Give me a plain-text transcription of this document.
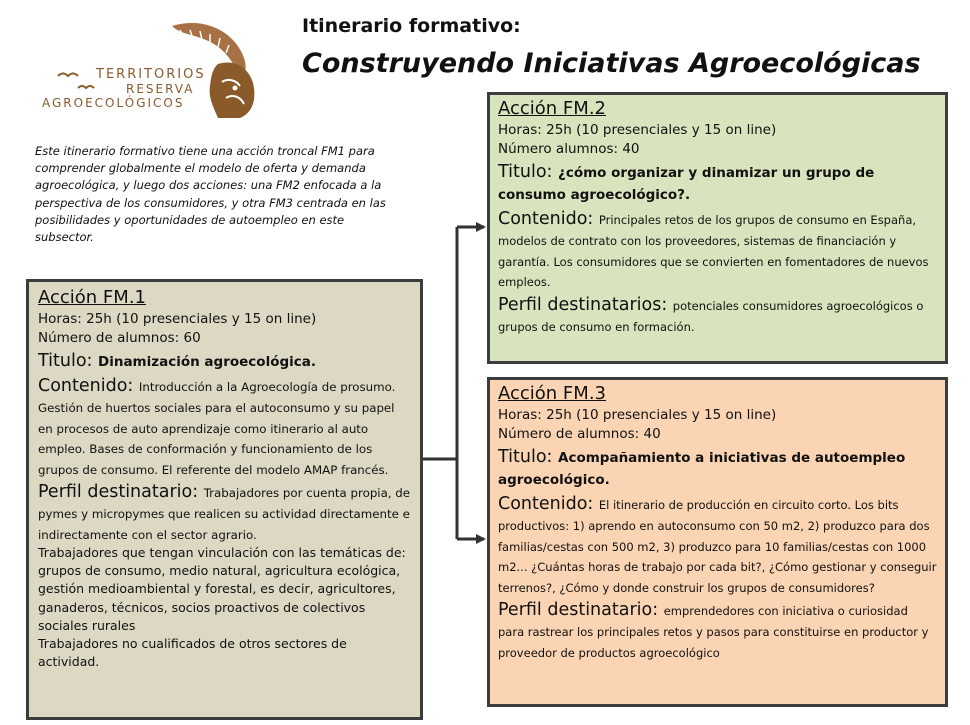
TERRITORIOS
RESERVA
AGROECOLÓGICOS
Itinerario formativo:
Construyendo Iniciativas Agroecológicas
Este itinerario formativo tiene una acción troncal FM1 para comprender globalmente el modelo de oferta y demanda agroecológica, y luego dos acciones: una FM2 enfocada a la perspectiva de los consumidores, y otra FM3 centrada en las posibilidades y oportunidades de autoempleo en este subsector.
Acción FM.1
Horas: 25h (10 presenciales y 15 on line)
Número de alumnos: 60
Titulo: Dinamización agroecológica.
Contenido: Introducción a la Agroecología de prosumo. Gestión de huertos sociales para el autoconsumo y su papel en procesos de auto aprendizaje como itinerario al auto empleo. Bases de conformación y funcionamiento de los grupos de consumo. El referente del modelo AMAP francés.
Perfil destinatario: Trabajadores por cuenta propia, de pymes y micropymes que realicen su actividad directamente e indirectamente con el sector agrario.
Trabajadores que tengan vinculación con las temáticas de: grupos de consumo, medio natural, agricultura ecológica, gestión medioambiental y forestal, es decir, agricultores, ganaderos, técnicos, socios proactivos de colectivos sociales rurales
Trabajadores no cualificados de otros sectores de actividad.
Acción FM.2
Horas: 25h (10 presenciales y 15 on line)
Número alumnos: 40
Titulo: ¿cómo organizar y dinamizar un grupo de consumo agroecológico?.
Contenido: Principales retos de los grupos de consumo en España, modelos de contrato con los proveedores, sistemas de financiación y garantía. Los consumidores que se convierten en fomentadores de nuevos empleos.
Perfil destinatarios: potenciales consumidores agroecológicos o grupos de consumo en formación.
Acción FM.3
Horas: 25h (10 presenciales y 15 on line)
Número de alumnos: 40
Titulo: Acompañamiento a iniciativas de autoempleo agroecológico.
Contenido: El itinerario de producción en circuito corto. Los bits productivos: 1) aprendo en autoconsumo con 50 m2, 2) produzco para dos familias/cestas con 500 m2, 3) produzco para 10 familias/cestas con 1000 m2... ¿Cuántas horas de trabajo por cada bit?, ¿Cómo gestionar y conseguir terrenos?, ¿Cómo y donde construir los grupos de consumidores?
Perfil destinatario: emprendedores con iniciativa o curiosidad para rastrear los principales retos y pasos para constituirse en productor y proveedor de productos agroecológico
